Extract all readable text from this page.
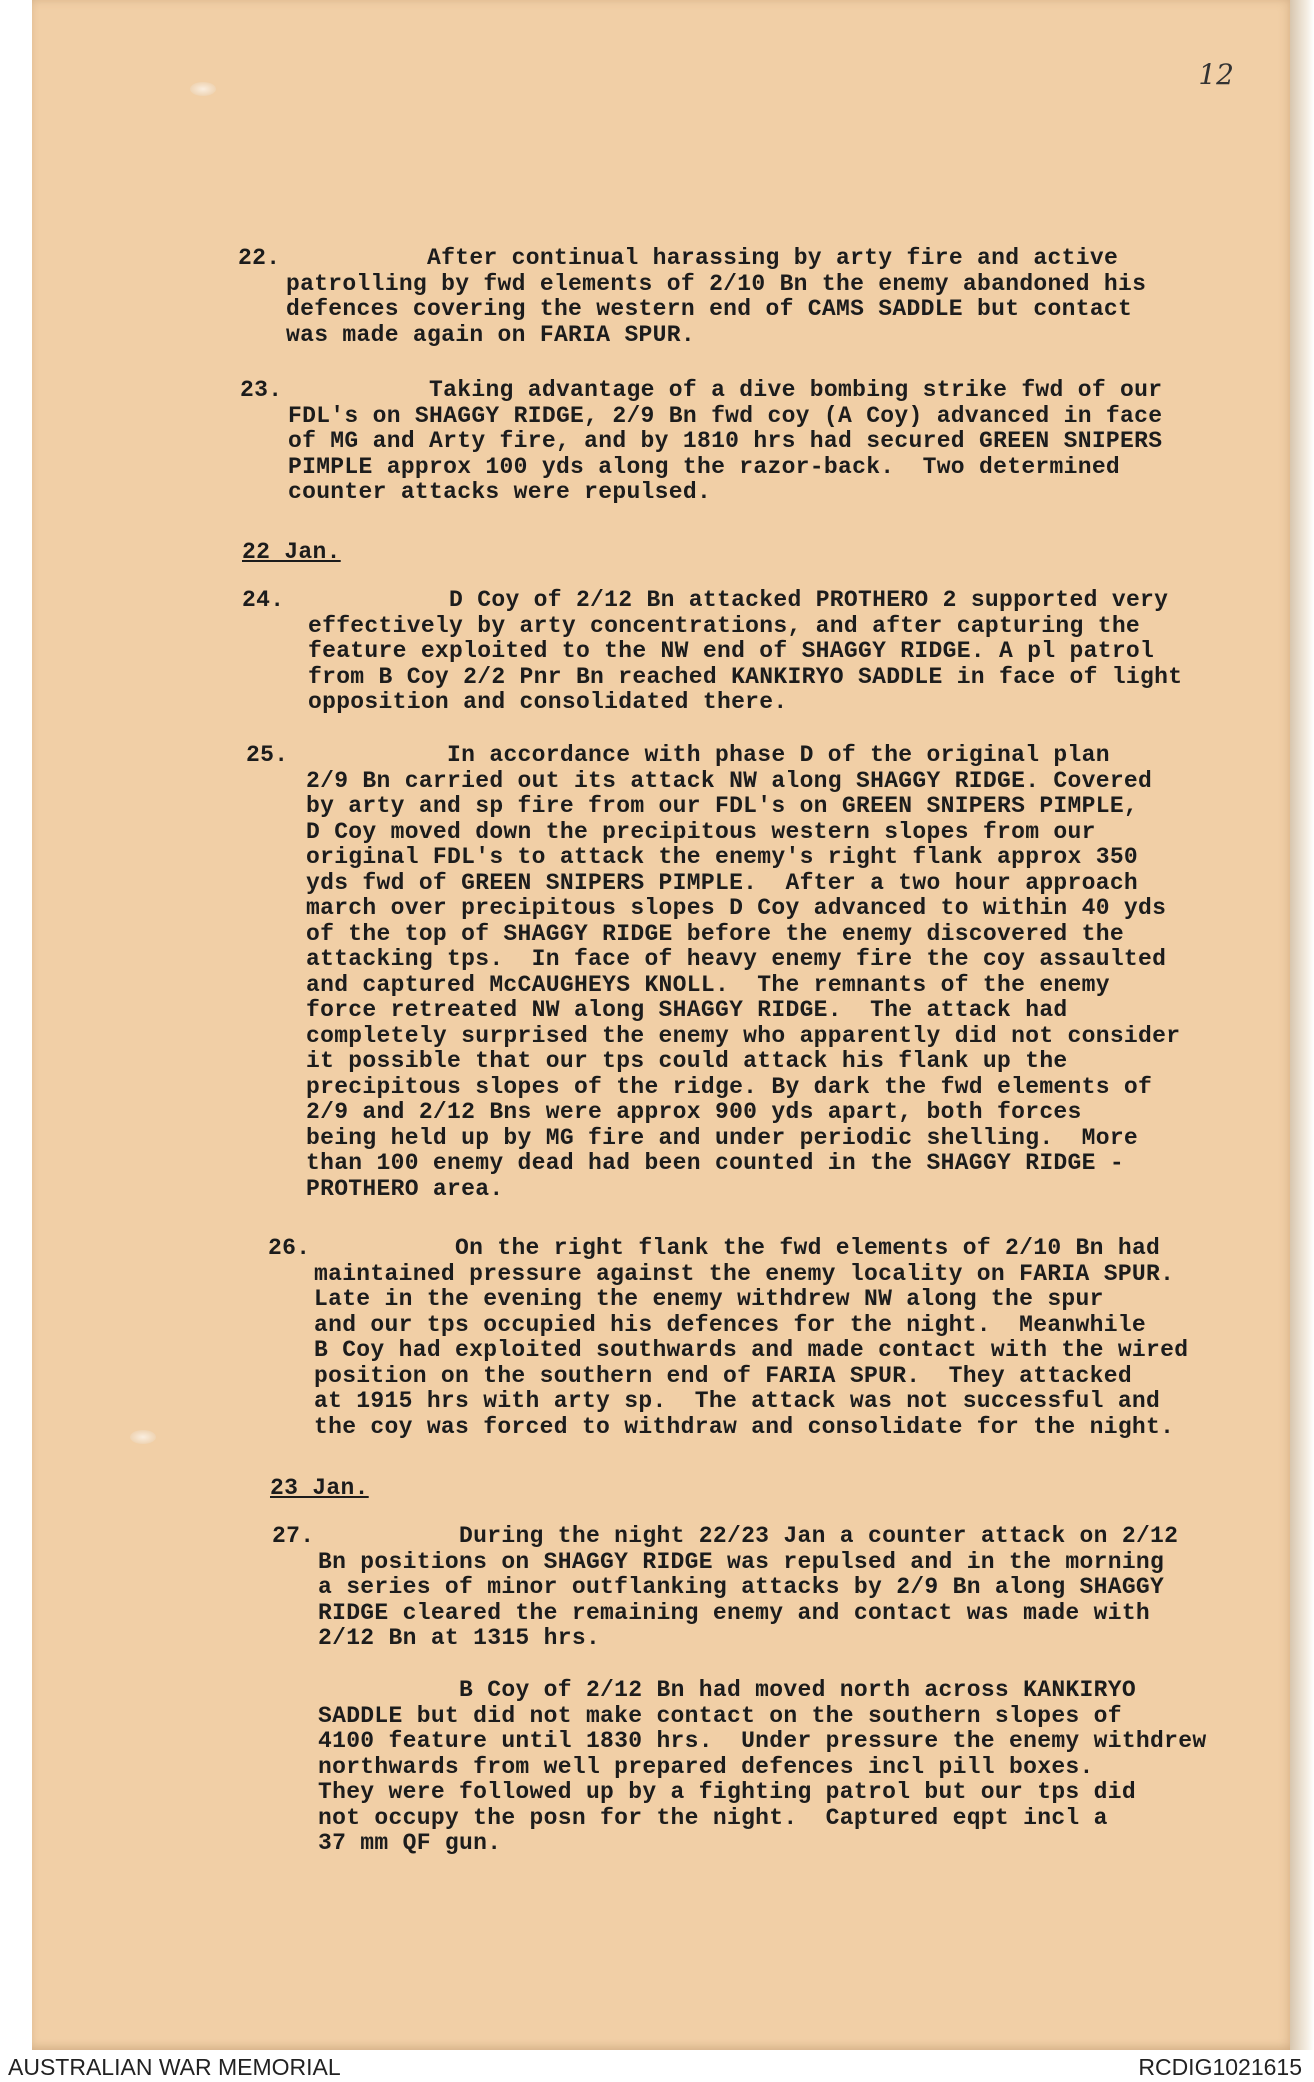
12
22.	After continual harassing by arty fire and active
patrolling by fwd elements of 2/10 Bn the enemy abandoned his
defences covering the western end of CAMS SADDLE but contact
was made again on FARIA SPUR.
23.	Taking advantage of a dive bombing strike fwd of our
FDL's on SHAGGY RIDGE, 2/9 Bn fwd coy (A Coy) advanced in face
of MG and Arty fire, and by 1810 hrs had secured GREEN SNIPERS
PIMPLE approx 100 yds along the razor-back.  Two determined
counter attacks were repulsed.
22 Jan.
24.	D Coy of 2/12 Bn attacked PROTHERO 2 supported very
effectively by arty concentrations, and after capturing the
feature exploited to the NW end of SHAGGY RIDGE. A pl patrol
from B Coy 2/2 Pnr Bn reached KANKIRYO SADDLE in face of light
opposition and consolidated there.
25.	In accordance with phase D of the original plan
2/9 Bn carried out its attack NW along SHAGGY RIDGE. Covered
by arty and sp fire from our FDL's on GREEN SNIPERS PIMPLE,
D Coy moved down the precipitous western slopes from our
original FDL's to attack the enemy's right flank approx 350
yds fwd of GREEN SNIPERS PIMPLE.  After a two hour approach
march over precipitous slopes D Coy advanced to within 40 yds
of the top of SHAGGY RIDGE before the enemy discovered the
attacking tps.  In face of heavy enemy fire the coy assaulted
and captured McCAUGHEYS KNOLL.  The remnants of the enemy
force retreated NW along SHAGGY RIDGE.  The attack had
completely surprised the enemy who apparently did not consider
it possible that our tps could attack his flank up the
precipitous slopes of the ridge. By dark the fwd elements of
2/9 and 2/12 Bns were approx 900 yds apart, both forces
being held up by MG fire and under periodic shelling.  More
than 100 enemy dead had been counted in the SHAGGY RIDGE -
PROTHERO area.
26.	On the right flank the fwd elements of 2/10 Bn had
maintained pressure against the enemy locality on FARIA SPUR.
Late in the evening the enemy withdrew NW along the spur
and our tps occupied his defences for the night.  Meanwhile
B Coy had exploited southwards and made contact with the wired
position on the southern end of FARIA SPUR.  They attacked
at 1915 hrs with arty sp.  The attack was not successful and
the coy was forced to withdraw and consolidate for the night.
23 Jan.
27.	During the night 22/23 Jan a counter attack on 2/12
Bn positions on SHAGGY RIDGE was repulsed and in the morning
a series of minor outflanking attacks by 2/9 Bn along SHAGGY
RIDGE cleared the remaining enemy and contact was made with
2/12 Bn at 1315 hrs.
B Coy of 2/12 Bn had moved north across KANKIRYO
SADDLE but did not make contact on the southern slopes of
4100 feature until 1830 hrs.  Under pressure the enemy withdrew
northwards from well prepared defences incl pill boxes.
They were followed up by a fighting patrol but our tps did
not occupy the posn for the night.  Captured eqpt incl a
37 mm QF gun.
AUSTRALIAN WAR MEMORIAL	RCDIG1021615
